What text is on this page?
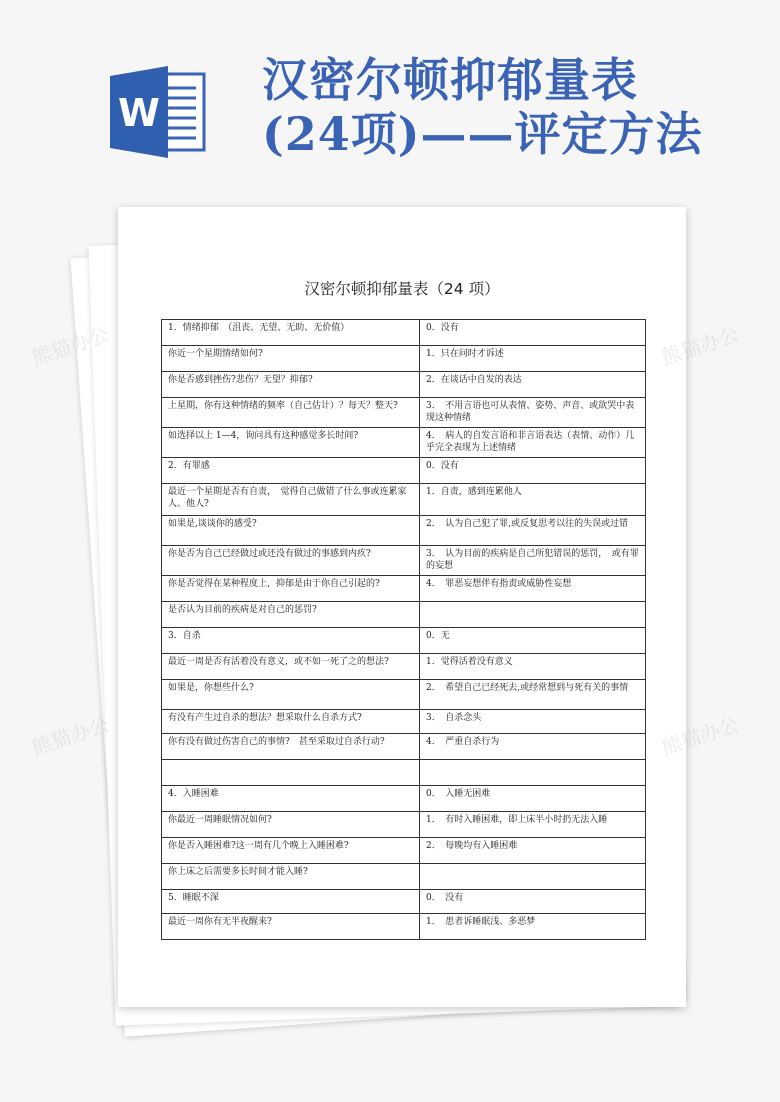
W
汉密尔顿抑郁量表
(24项)——评定方法
汉密尔顿抑郁量表（24 项）
1．情绪抑郁　（沮丧、无望、无助、无价值）	0．没有
你近一个星期情绪如何?	1．只在问时才诉述
你是否感到挫伤?悲伤？无望？抑郁?	2．在谈话中自发的表达
上星期，你有这种情绪的频率（自己估计）？每天？整天?	3．　不用言语也可从表情、姿势、声音、或欲哭中表现这种情绪
如选择以上 1—4，询问具有这种感觉多长时间?	4．　病人的自发言语和非言语表达（表情、动作）几乎完全表现为上述情绪
2．有罪感	0．没有
最近一个星期是否有自责，　觉得自己做错了什么事或连累家人、他人?	1．自责，感到连累他人
如果是,谈谈你的感受?	2．　认为自己犯了罪,或反复思考以往的失误或过错
你是否为自己已经做过或还没有做过的事感到内疚?	3．　认为目前的疾病是自己所犯错误的惩罚，　或有罪的妄想
你是否觉得在某种程度上，抑郁是由于你自己引起的?	4．　罪恶妄想伴有指责或威胁性妄想
是否认为目前的疾病是对自己的惩罚?	
3．自杀	0．无
最近一周是否有活着没有意义，或不如一死了之的想法?	1．觉得活着没有意义
如果是，你想些什么?	2．　希望自己已经死去,或经常想到与死有关的事情
有没有产生过自杀的想法？想采取什么自杀方式?	3．　自杀念头
你有没有做过伤害自己的事情?　甚至采取过自杀行动?	4．　严重自杀行为

4．入睡困难	0．　入睡无困难
你最近一周睡眠情况如何?	1．　有时入睡困难，即上床半小时扔无法入睡
你是否入睡困难?这一周有几个晚上入睡困难?	2．　每晚均有入睡困难
你上床之后需要多长时间才能入睡?	
5．睡眠不深	0．　没有
最近一周你有无半夜醒来?	1．　患者诉睡眠浅、多恶梦
熊猫办公	熊猫办公
熊猫办公	熊猫办公
